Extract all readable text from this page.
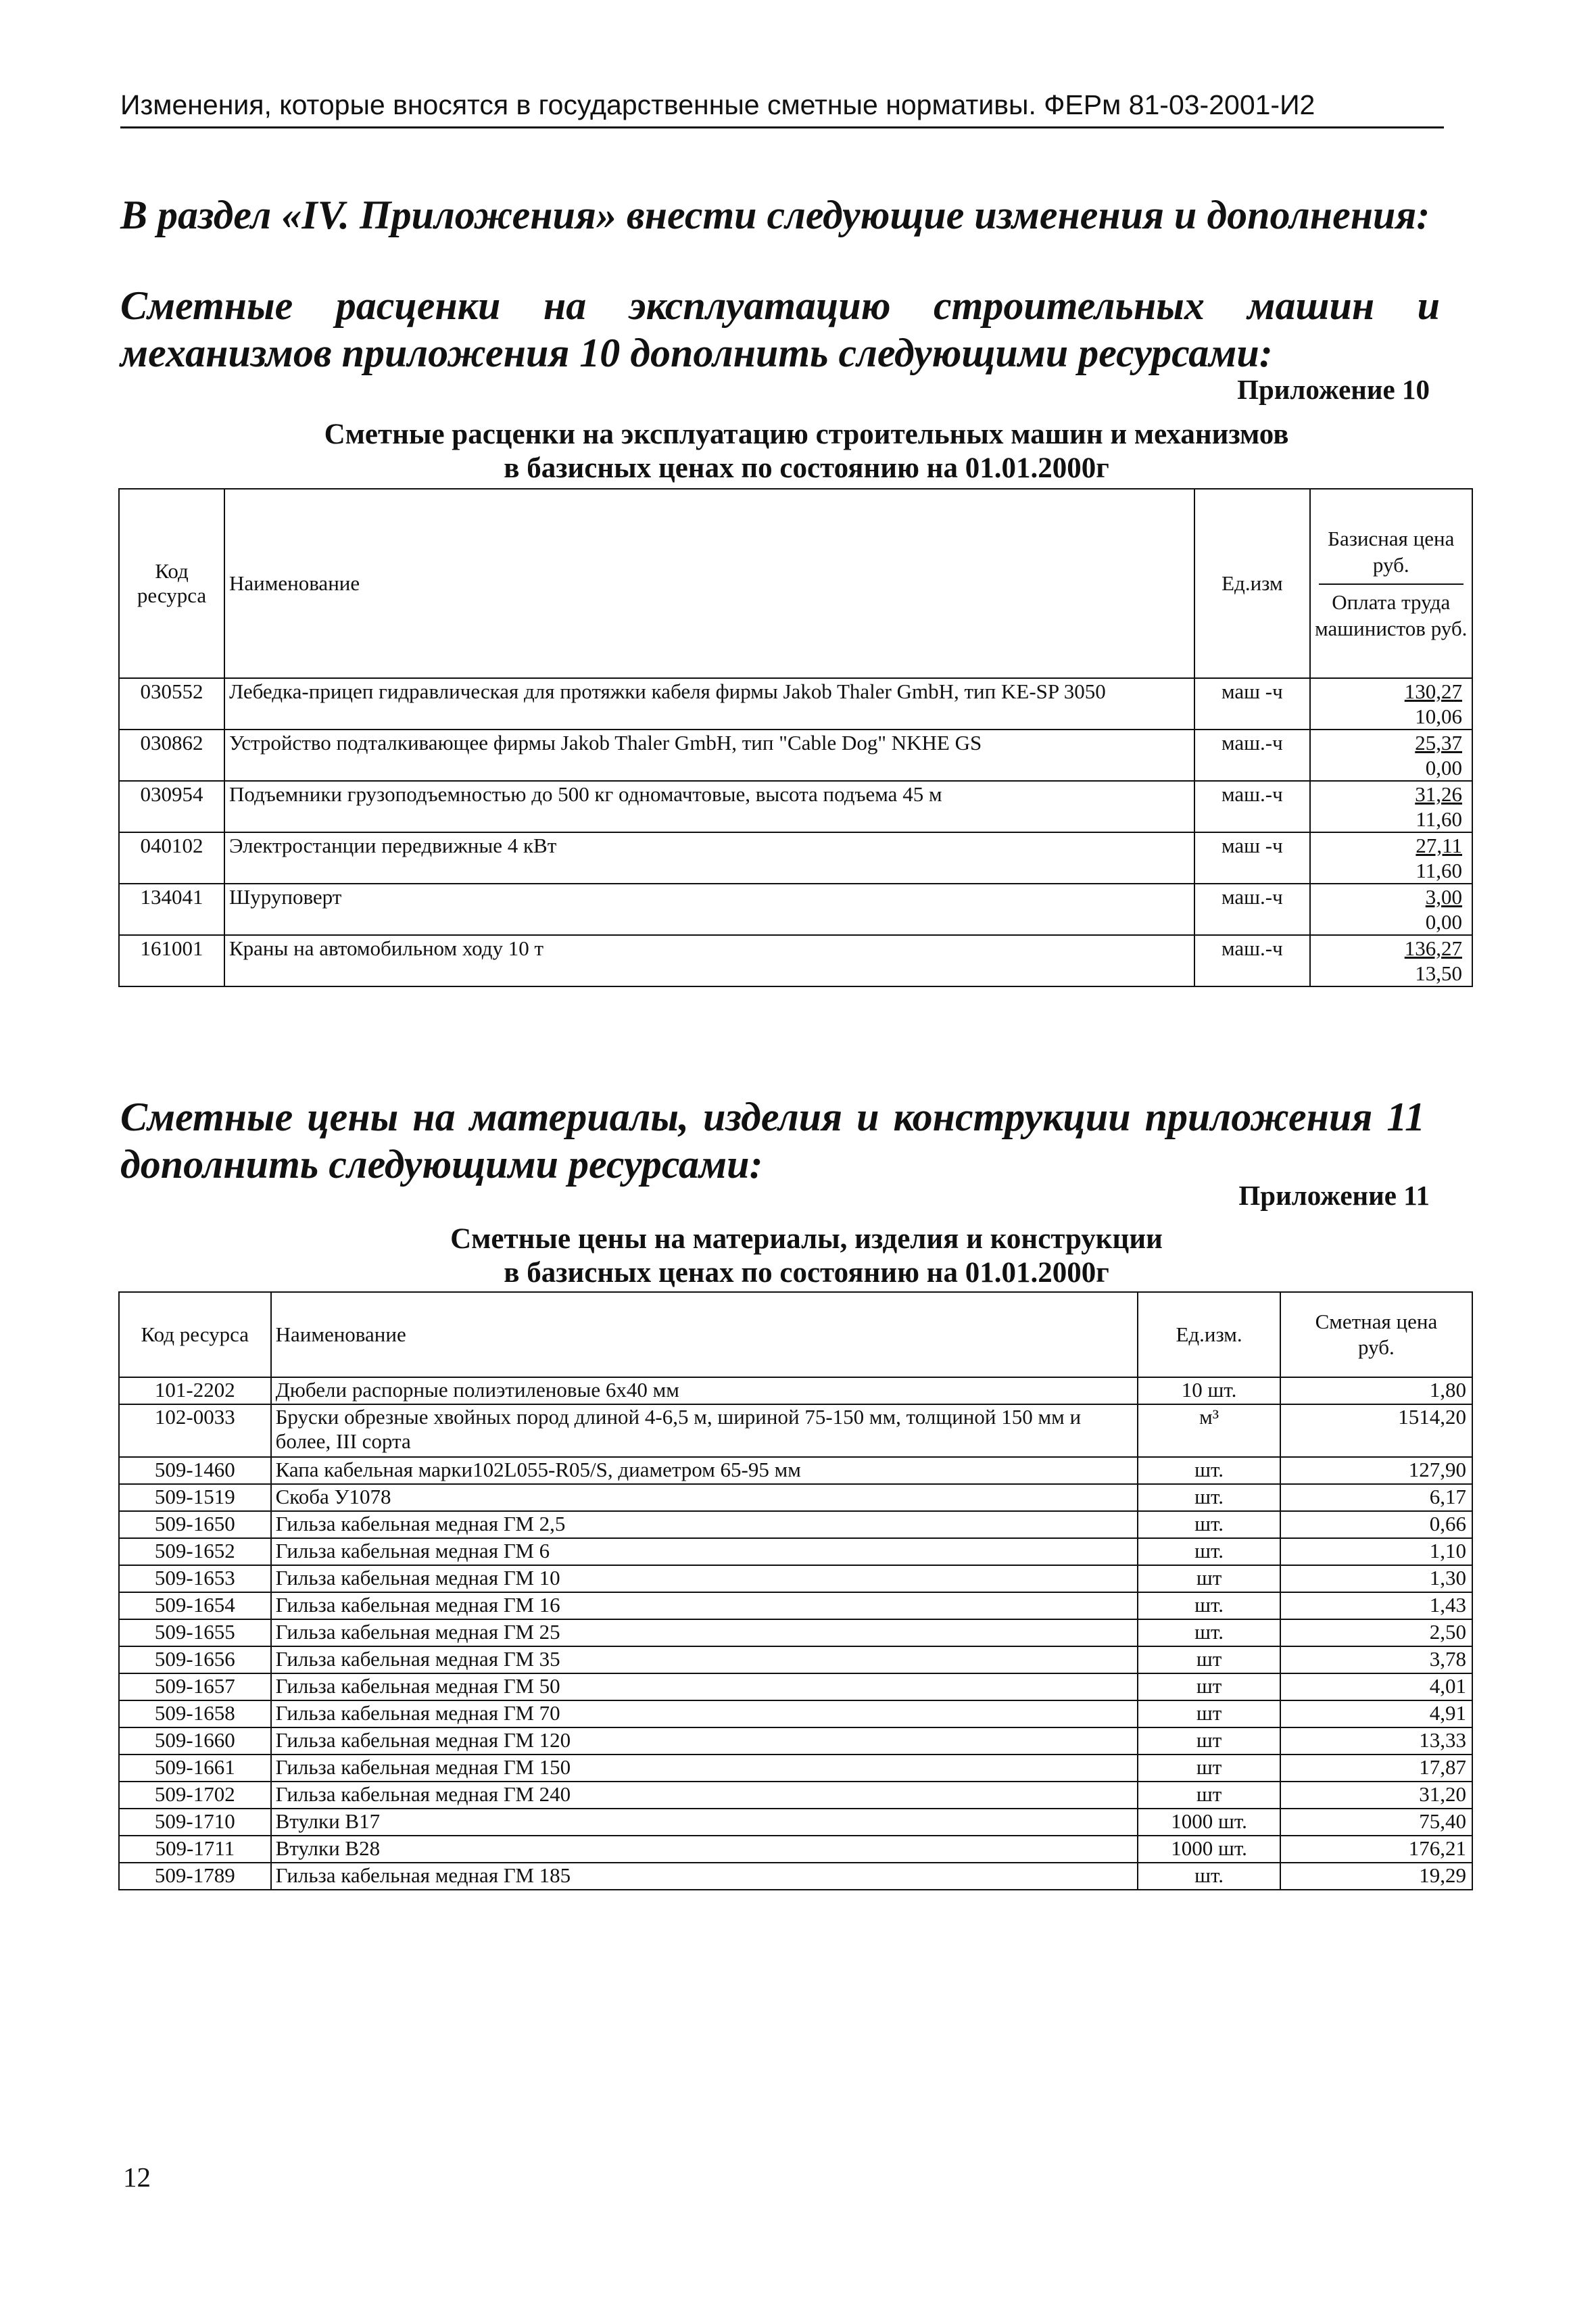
Изменения, которые вносятся в государственные сметные нормативы. ФЕРм 81-03-2001-И2
В раздел «IV. Приложения» внести следующие изменения и дополнения:
Сметные расценки на эксплуатацию строительных машин и
механизмов приложения 10 дополнить следующими ресурсами:
Приложение 10
Сметные расценки на эксплуатацию строительных машин и механизмов
в базисных ценах по состоянию на 01.01.2000г
Код ресурса	Наименование	Ед.изм	Базисная цена руб.
Оплата труда машинистов руб.
030552	Лебедка-прицеп гидравлическая для протяжки кабеля фирмы Jakob Thaler GmbH, тип KE-SP 3050	маш -ч	130,27
10,06

030862	Устройство подталкивающее фирмы Jakob Thaler GmbH, тип "Cable Dog" NKHE GS	маш.-ч	25,37
0,00

030954	Подъемники грузоподъемностью до 500 кг одномачтовые, высота подъема 45 м	маш.-ч	31,26
11,60

040102	Электростанции передвижные 4 кВт	маш -ч	27,11
11,60

134041	Шуруповерт	маш.-ч	3,00
0,00

161001	Краны на автомобильном ходу 10 т	маш.-ч	136,27
13,50
Сметные цены на материалы, изделия и конструкции приложения 11
дополнить следующими ресурсами:
Приложение 11
Сметные цены на материалы, изделия и конструкции
в базисных ценах по состоянию на 01.01.2000г
Код ресурса	Наименование	Ед.изм.	Сметная цена руб.
101-2202	Дюбели распорные полиэтиленовые 6х40 мм	10 шт.	1,80
102-0033	Бруски обрезные хвойных пород длиной 4-6,5 м, шириной 75-150 мм, толщиной 150 мм и более, III сорта	м³	1514,20
509-1460	Капа кабельная марки102L055-R05/S, диаметром 65-95 мм	шт.	127,90
509-1519	Скоба У1078	шт.	6,17
509-1650	Гильза кабельная медная ГМ 2,5	шт.	0,66
509-1652	Гильза кабельная медная ГМ 6	шт.	1,10
509-1653	Гильза кабельная медная ГМ 10	шт	1,30
509-1654	Гильза кабельная медная ГМ 16	шт.	1,43
509-1655	Гильза кабельная медная ГМ 25	шт.	2,50
509-1656	Гильза кабельная медная ГМ 35	шт	3,78
509-1657	Гильза кабельная медная ГМ 50	шт	4,01
509-1658	Гильза кабельная медная ГМ 70	шт	4,91
509-1660	Гильза кабельная медная ГМ 120	шт	13,33
509-1661	Гильза кабельная медная ГМ 150	шт	17,87
509-1702	Гильза кабельная медная ГМ 240	шт	31,20
509-1710	Втулки В17	1000 шт.	75,40
509-1711	Втулки В28	1000 шт.	176,21
509-1789	Гильза кабельная медная ГМ 185	шт.	19,29
12
